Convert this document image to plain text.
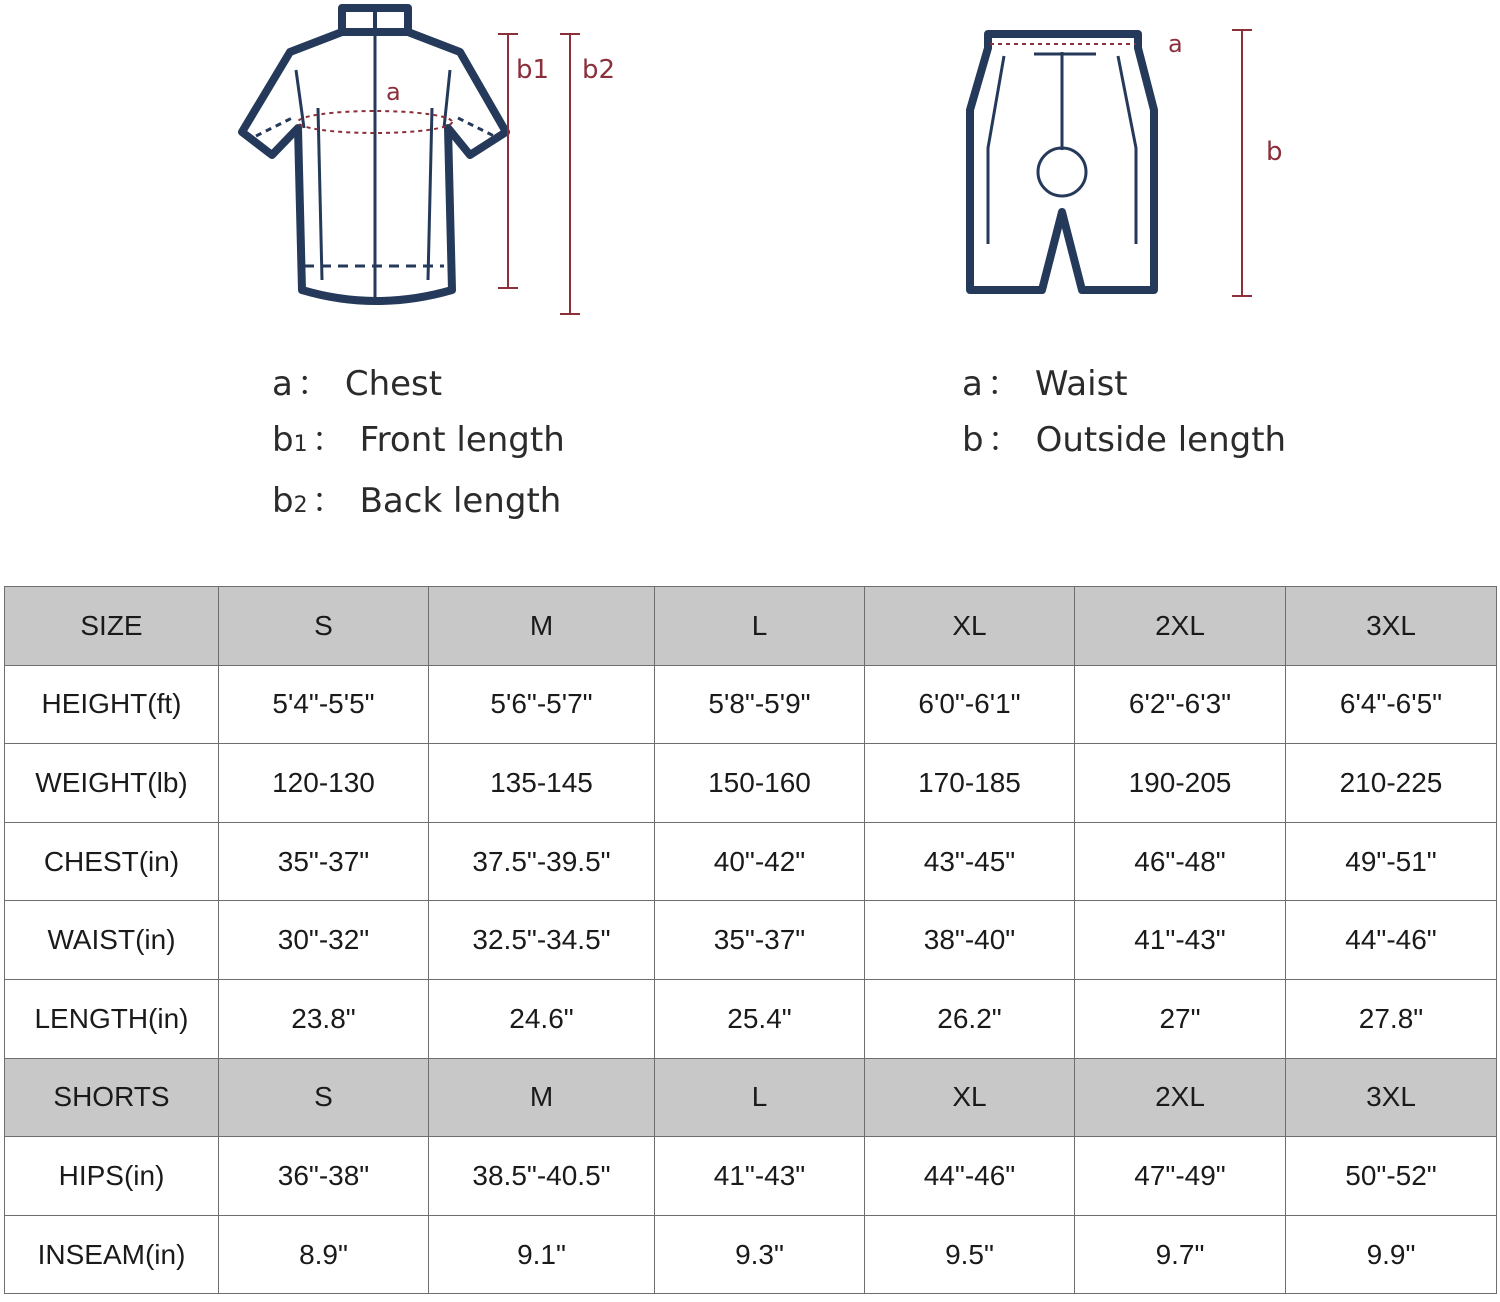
a
b1 b2
a
b
a ： Chest
b1 ： Front length
b2 ： Back length
a ： Waist
b ： Outside length
SIZE	S	M	L	XL	2XL	3XL
HEIGHT(ft)	5'4"-5'5"	5'6"-5'7"	5'8"-5'9"	6'0"-6'1"	6'2"-6'3"	6'4"-6'5"
WEIGHT(lb)	120-130	135-145	150-160	170-185	190-205	210-225
CHEST(in)	35"-37"	37.5"-39.5"	40"-42"	43"-45"	46"-48"	49"-51"
WAIST(in)	30"-32"	32.5"-34.5"	35"-37"	38"-40"	41"-43"	44"-46"
LENGTH(in)	23.8"	24.6"	25.4"	26.2"	27"	27.8"
SHORTS	S	M	L	XL	2XL	3XL
HIPS(in)	36"-38"	38.5"-40.5"	41"-43"	44"-46"	47"-49"	50"-52"
INSEAM(in)	8.9"	9.1"	9.3"	9.5"	9.7"	9.9"
